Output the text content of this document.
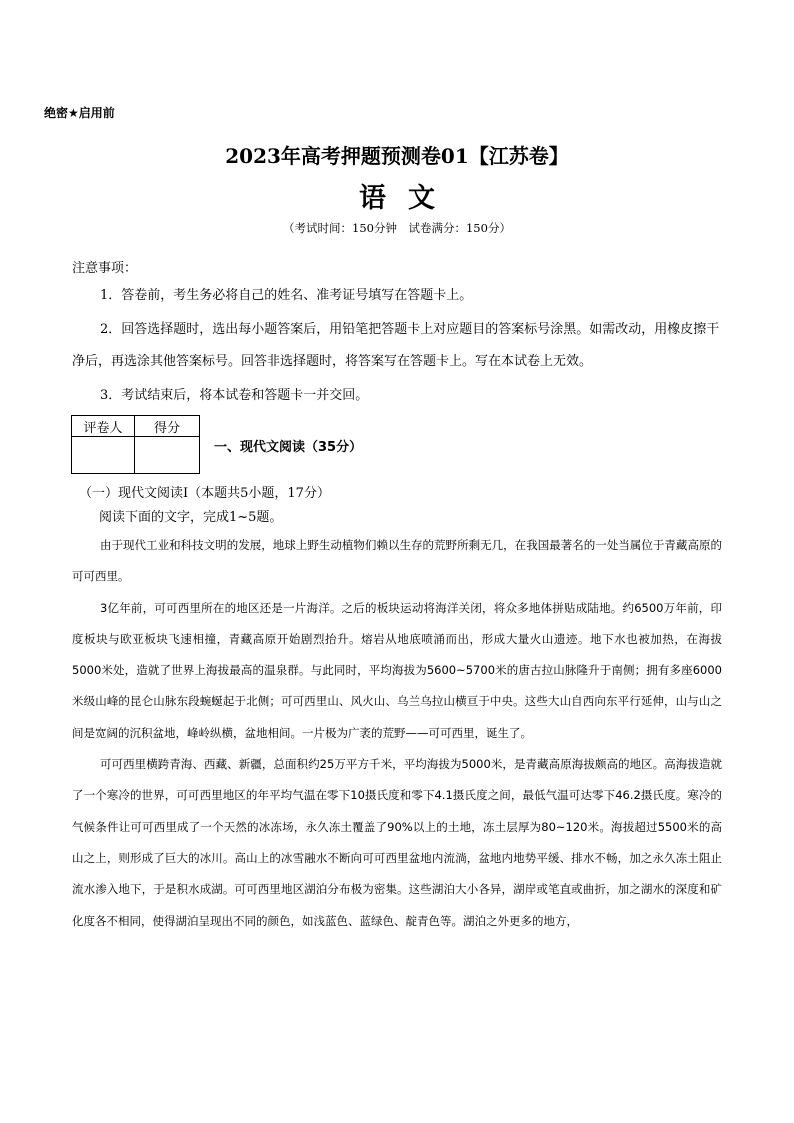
绝密★启用前
2023年高考押题预测卷01【江苏卷】
语文
（考试时间：150分钟　试卷满分：150分）
注意事项：
1．答卷前，考生务必将自己的姓名、准考证号填写在答题卡上。
2．回答选择题时，选出每小题答案后，用铅笔把答题卡上对应题目的答案标号涂黑。如需改动，用橡皮擦干净后，再选涂其他答案标号。回答非选择题时，将答案写在答题卡上。写在本试卷上无效。
3．考试结束后，将本试卷和答题卡一并交回。
评卷人	得分

一、现代文阅读（35分）
（一）现代文阅读Ⅰ（本题共5小题，17分）
阅读下面的文字，完成1~5题。

由于现代工业和科技文明的发展，地球上野生动植物们赖以生存的荒野所剩无几，在我国最著名的一处当属位于青藏高原的可可西里。

3亿年前，可可西里所在的地区还是一片海洋。之后的板块运动将海洋关闭，将众多地体拼贴成陆地。约6500万年前，印度板块与欧亚板块飞速相撞，青藏高原开始剧烈抬升。熔岩从地底喷涌而出，形成大量火山遗迹。地下水也被加热，在海拔5000米处，造就了世界上海拔最高的温泉群。与此同时，平均海拔为5600~5700米的唐古拉山脉隆升于南侧；拥有多座6000米级山峰的昆仑山脉东段蜿蜒起于北侧；可可西里山、风火山、乌兰乌拉山横亘于中央。这些大山自西向东平行延伸，山与山之间是宽阔的沉积盆地，峰岭纵横，盆地相间。一片极为广袤的荒野——可可西里，诞生了。

可可西里横跨青海、西藏、新疆，总面积约25万平方千米，平均海拔为5000米，是青藏高原海拔颇高的地区。高海拔造就了一个寒冷的世界，可可西里地区的年平均气温在零下10摄氏度和零下4.1摄氏度之间，最低气温可达零下46.2摄氏度。寒冷的气候条件让可可西里成了一个天然的冰冻场，永久冻土覆盖了90%以上的土地，冻土层厚为80~120米。海拔超过5500米的高山之上，则形成了巨大的冰川。高山上的冰雪融水不断向可可西里盆地内流淌，盆地内地势平缓、排水不畅，加之永久冻土阻止流水渗入地下，于是积水成湖。可可西里地区湖泊分布极为密集。这些湖泊大小各异，湖岸或笔直或曲折，加之湖水的深度和矿化度各不相同，使得湖泊呈现出不同的颜色，如浅蓝色、蓝绿色、靛青色等。湖泊之外更多的地方，
